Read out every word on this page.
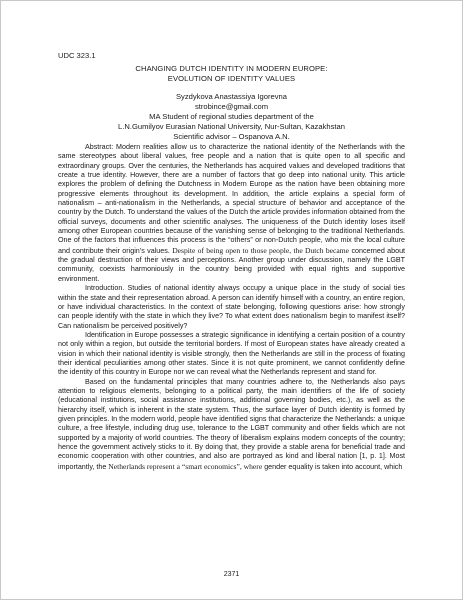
UDC 323.1
CHANGING DUTCH IDENTITY IN MODERN EUROPE:
EVOLUTION OF IDENTITY VALUES
Syzdykova Anastassiya Igorevna
strobince@gmail.com
MA Student of regional studies department of the
L.N.Gumilyov Eurasian National University, Nur-Sultan, Kazakhstan
Scientific advisor – Ospanova A.N.

Abstract: Modern realities allow us to characterize the national identity of the Netherlands with the same stereotypes about liberal values, free people and a nation that is quite open to all specific and extraordinary groups. Over the centuries, the Netherlands has acquired values and developed traditions that create a true identity. However, there are a number of factors that go deep into national unity. This article explores the problem of defining the Dutchness in Modern Europe as the nation have been obtaining more progressive elements throughout its development. In addition, the article explains a special form of nationalism – anti-nationalism in the Netherlands, a special structure of behavior and acceptance of the country by the Dutch. To understand the values of the Dutch the article provides information obtained from the official surveys, documents and other scientific analyses. The uniqueness of the Dutch identity loses itself among other European countries because of the vanishing sense of belonging to the traditional Netherlands. One of the factors that influences this process is the “others” or non-Dutch people, who mix the local culture and contribute their origin’s values. Despite of being open to those people, the Dutch became concerned about the gradual destruction of their views and perceptions. Another group under discussion, namely the LGBT community, coexists harmoniously in the country being provided with equal rights and supportive environment.

Introduction. Studies of national identity always occupy a unique place in the study of social ties within the state and their representation abroad. A person can identify himself with a country, an entire region, or have individual characteristics. In the context of state belonging, following questions arise: how strongly can people identify with the state in which they live? To what extent does nationalism begin to manifest itself? Can nationalism be perceived positively?

Identification in Europe possesses a strategic significance in identifying a certain position of a country not only within a region, but outside the territorial borders. If most of European states have already created a vision in which their national identity is visible strongly, then the Netherlands are still in the process of fixating their identical peculiarities among other states. Since it is not quite prominent, we cannot confidently define the identity of this country in Europe nor we can reveal what the Netherlands represent and stand for.

Based on the fundamental principles that many countries adhere to, the Netherlands also pays attention to religious elements, belonging to a political party, the main identifiers of the life of society (educational institutions, social assistance institutions, additional governing bodies, etc.), as well as the hierarchy itself, which is inherent in the state system. Thus, the surface layer of Dutch identity is formed by given principles. In the modern world, people have identified signs that characterize the Netherlands: a unique culture, a free lifestyle, including drug use, tolerance to the LGBT community and other fields which are not supported by a majority of world countries. The theory of liberalism explains modern concepts of the country; hence the government actively sticks to it. By doing that, they provide a stable arena for beneficial trade and economic cooperation with other countries, and also are portrayed as kind and liberal nation [1, p. 1]. Most importantly, the Netherlands represent a “smart economics”, where gender equality is taken into account, which

2371
